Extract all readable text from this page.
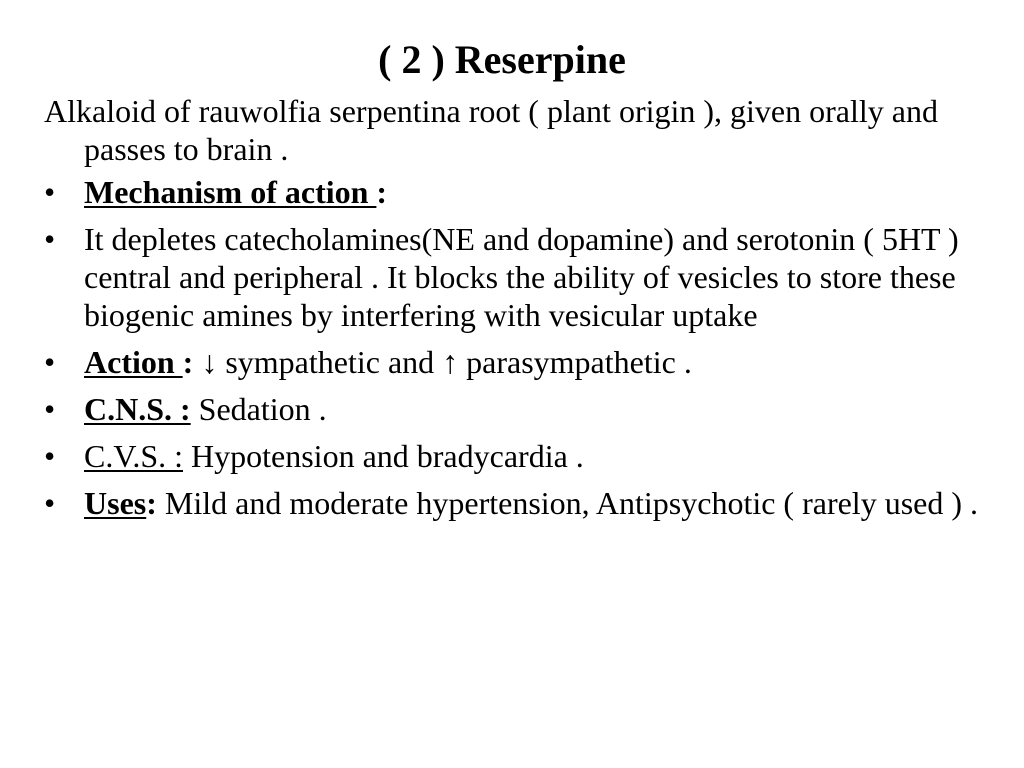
( 2 ) Reserpine

Alkaloid of rauwolfia serpentina root ( plant origin ), given orally and passes to brain .

• Mechanism of action :
• It depletes catecholamines(NE and dopamine) and serotonin ( 5HT ) central and peripheral . It blocks the ability of vesicles to store these biogenic amines by interfering with vesicular uptake
• Action : ↓ sympathetic and ↑ parasympathetic .
• C.N.S. : Sedation .
• C.V.S. : Hypotension and bradycardia .
• Uses: Mild and moderate hypertension, Antipsychotic ( rarely used ) .
